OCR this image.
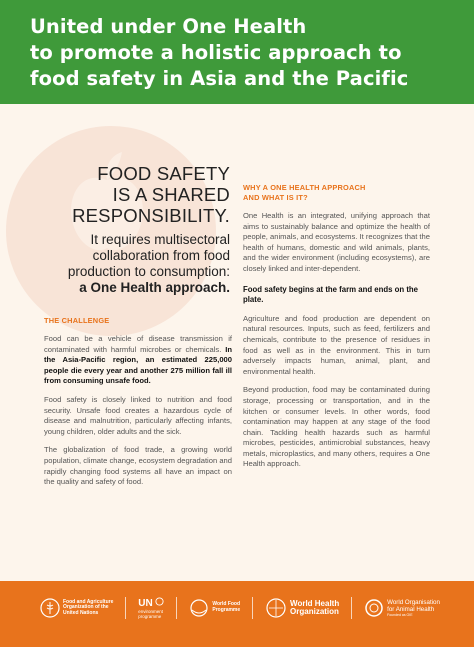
United under One Health
to promote a holistic approach to
food safety in Asia and the Pacific
FOOD SAFETY
IS A SHARED
RESPONSIBILITY.
It requires multisectoral
collaboration from food
production to consumption:
a One Health approach.
THE CHALLENGE

Food can be a vehicle of disease transmission if contaminated with harmful microbes or chemicals. In the Asia-Pacific region, an estimated 225,000 people die every year and another 275 million fall ill from consuming unsafe food.

Food safety is closely linked to nutrition and food security. Unsafe food creates a hazardous cycle of disease and malnutrition, particularly affecting infants, young children, older adults and the sick.

The globalization of food trade, a growing world population, climate change, ecosystem degradation and rapidly changing food systems all have an impact on the quality and safety of food.

WHY A ONE HEALTH APPROACH
AND WHAT IS IT?

One Health is an integrated, unifying approach that aims to sustainably balance and optimize the health of people, animals, and ecosystems. It recognizes that the health of humans, domestic and wild animals, plants, and the wider environment (including ecosystems), are closely linked and inter-dependent.

Food safety begins at the farm and ends on the plate.

Agriculture and food production are dependent on natural resources. Inputs, such as feed, fertilizers and chemicals, contribute to the presence of residues in food as well as in the environment. This in turn adversely impacts human, animal, plant, and environmental health.

Beyond production, food may be contaminated during storage, processing or transportation, and in the kitchen or consumer levels. In other words, food contamination may happen at any stage of the food chain. Tackling health hazards such as harmful microbes, pesticides, antimicrobial substances, heavy metals, microplastics, and many others, requires a One Health approach.

Food and Agriculture
Organization of the
United Nations
UN
environment
programme
World Food
Programme
World Health
Organization
World Organisation
for Animal Health
Founded as OIE
